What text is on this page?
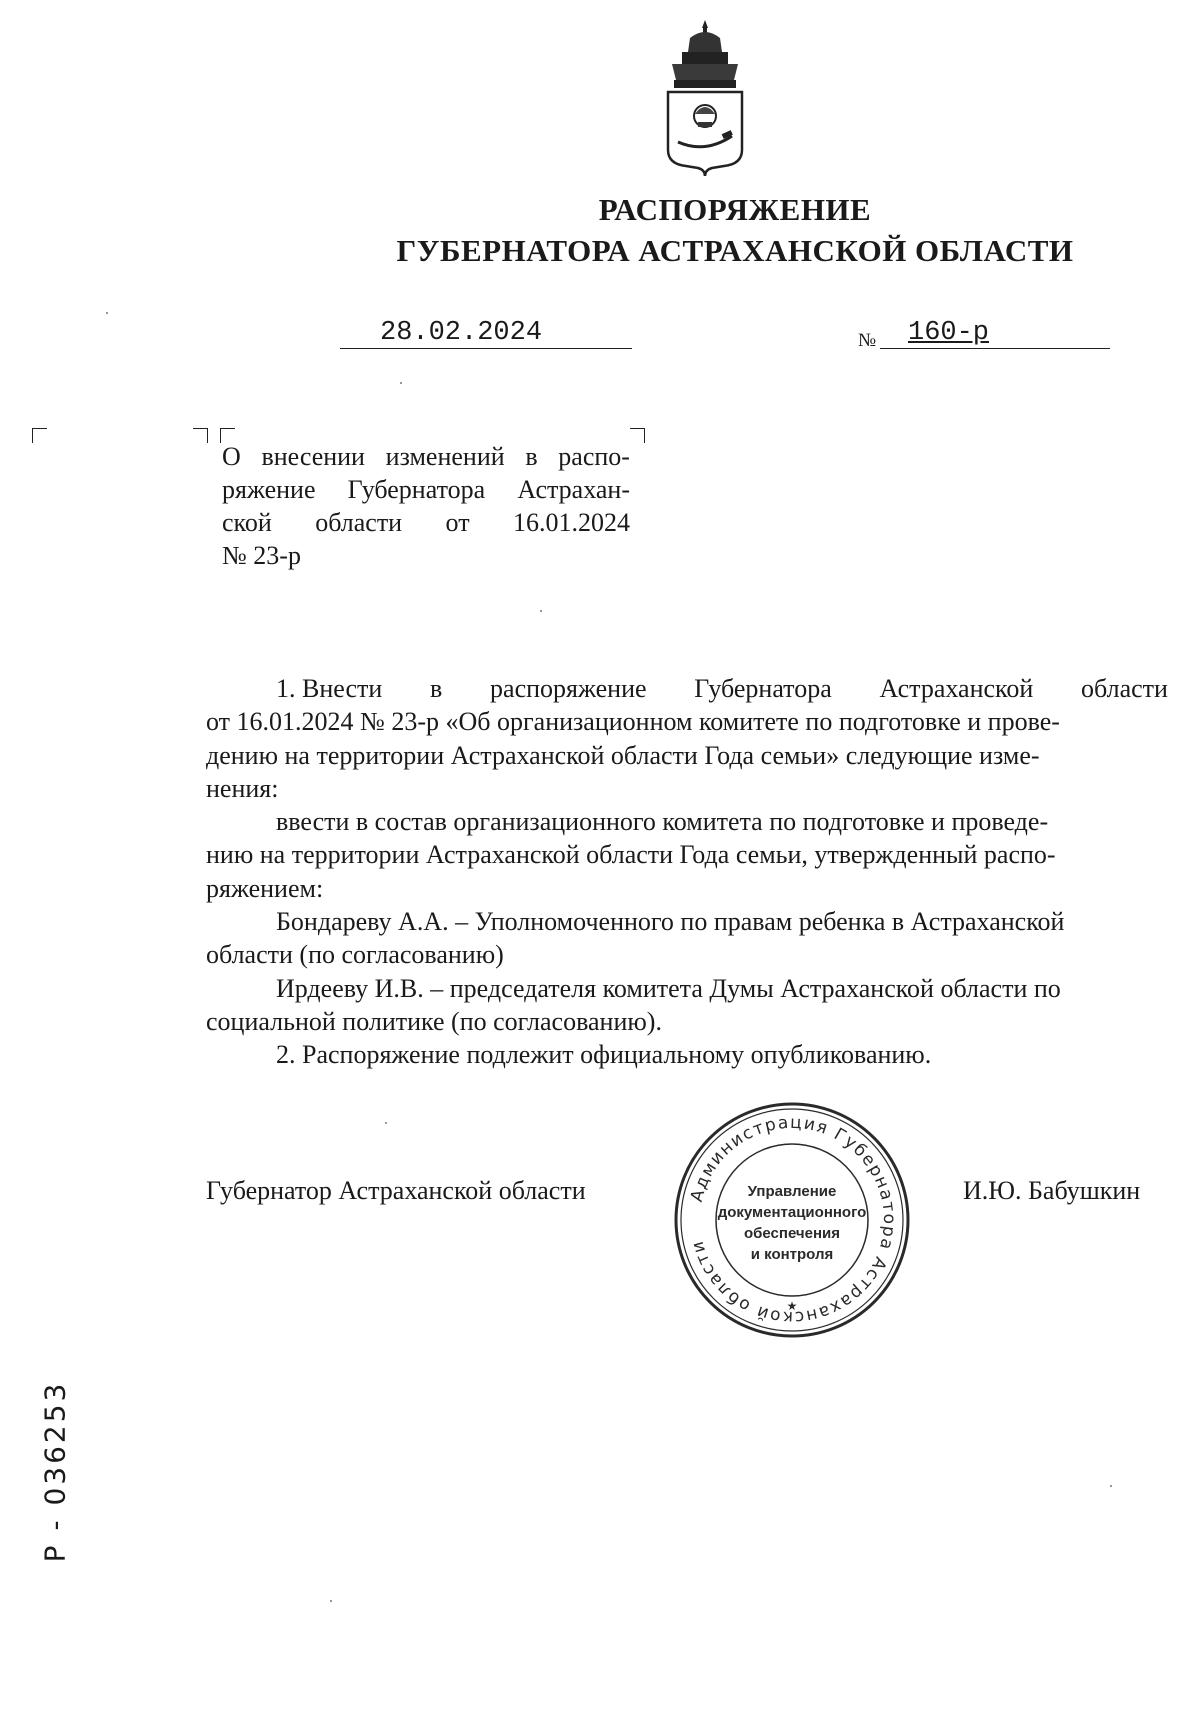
РАСПОРЯЖЕНИЕ
ГУБЕРНАТОРА АСТРАХАНСКОЙ ОБЛАСТИ
28.02.2024	№ 160-р
О внесении изменений в распо-
ряжение Губернатора Астрахан-
ской области от 16.01.2024
№ 23-р
1. Внести в распоряжение Губернатора Астраханской области
от 16.01.2024 № 23-р «Об организационном комитете по подготовке и прове-
дению на территории Астраханской области Года семьи» следующие изме-
нения:
ввести в состав организационного комитета по подготовке и проведе-
нию на территории Астраханской области Года семьи, утвержденный распо-
ряжением:
Бондареву А.А. – Уполномоченного по правам ребенка в Астраханской
области (по согласованию)
Ирдееву И.В. – председателя комитета Думы Астраханской области по
социальной политике (по согласованию).
2. Распоряжение подлежит официальному опубликованию.
Губернатор Астраханской области	И.Ю. Бабушкин
Администрация Губернатора Астраханской области
★
Управление
документационного
обеспечения
и контроля
Р - 036253
